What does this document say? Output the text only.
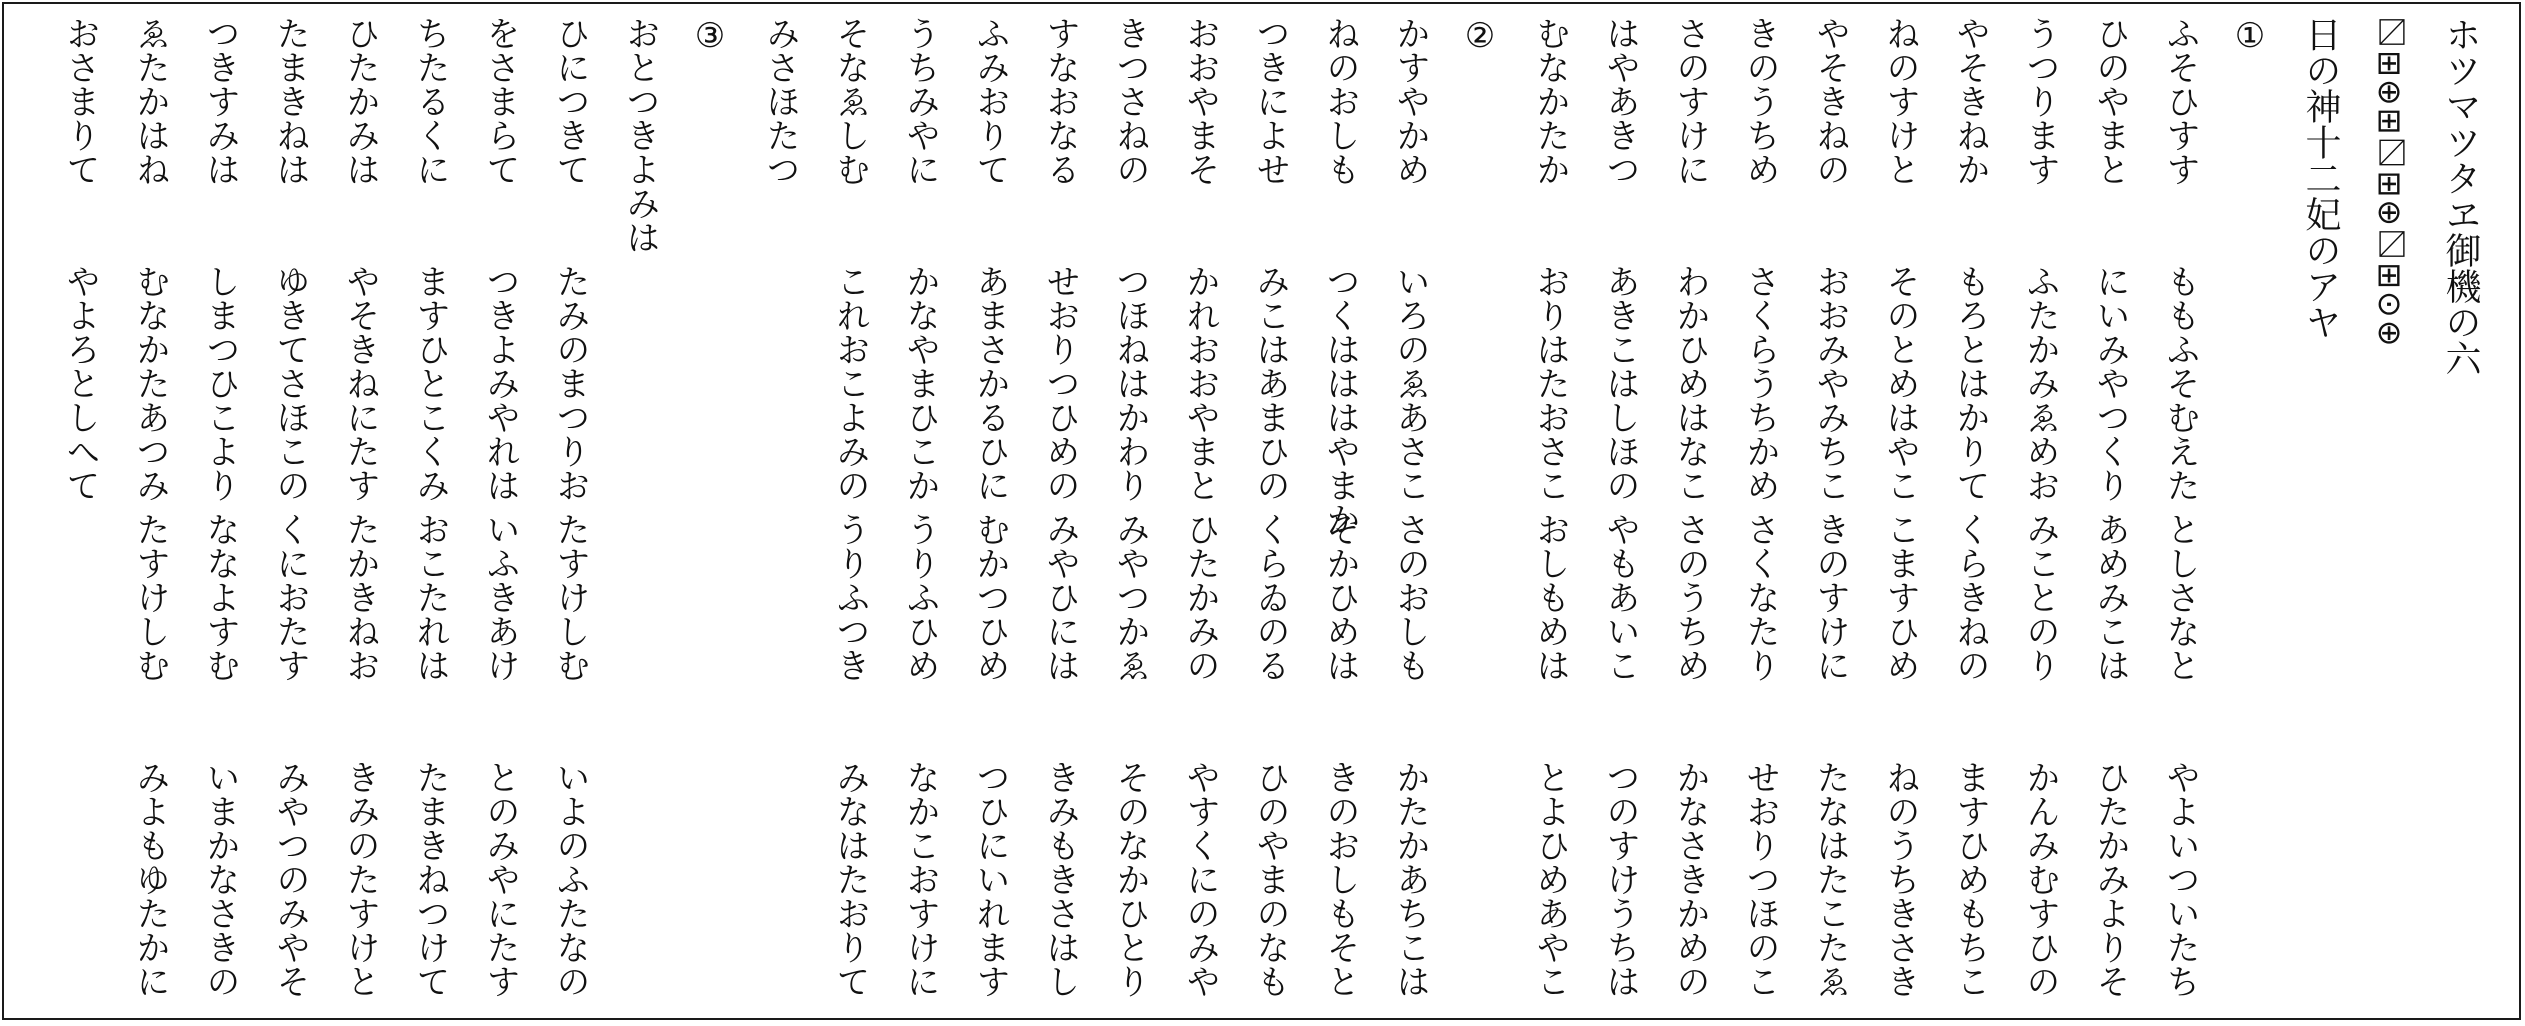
ホツマツタヱ御機の六
〼⊞⊕⊞〼⊞⊕〼⊞⊙⊕
日の神十二妃のアヤ
①
ふそひすすももふそむえたとしさなとやよいついたち
ひのやまとにいみやつくりあめみこはひたかみよりそ
うつりますふたかみゑめおみことのりかんみむすひの
やそきねかもろとはかりてくらきねのますひめもちこ
ねのすけとそのとめはやここますひめねのうちきさき
やそきねのおおみやみちこきのすけにたなはたこたゑ
きのうちめさくらうちかめさくなたりせおりつほのこ
さのすけにわかひめはなこさのうちめかなさきかめの
はやあきつあきこはしほのやもあいこつのすけうちは
むなかたかおりはたおさこおしもめはとよひめあやこ
②
かすやかめいろのゑあさこさのおしもかたかあちこは
ねのおしもつくはははやまかそかひめはきのおしもそと
つきによせみこはあまひのくらゐのるひのやまのなも
おおやまそかれおおやまとひたかみのやすくにのみや
きつさねのつほねはかわりみやつかゑそのなかひとり
すなおなるせおりつひめのみやひにはきみもきさはし
ふみおりてあまさかるひにむかつひめつひにいれます
うちみやにかなやまひこかうりふひめなかこおすけに
そなゑしむこれおこよみのうりふつきみなはたおりて
みさほたつ
③
おとつきよみは
ひにつきてたみのまつりおたすけしむいよのふたなの
をさまらてつきよみやれはいふきあけとのみやにたす
ちたるくにますひとこくみおこたれはたまきねつけて
ひたかみはやそきねにたすたかきねおきみのたすけと
たまきねはゆきてさほこのくにおたすみやつのみやそ
つきすみはしまつひこよりななよすむいまかなさきの
ゑたかはねむなかたあつみたすけしむみよもゆたかに
おさまりてやよろとしへて
